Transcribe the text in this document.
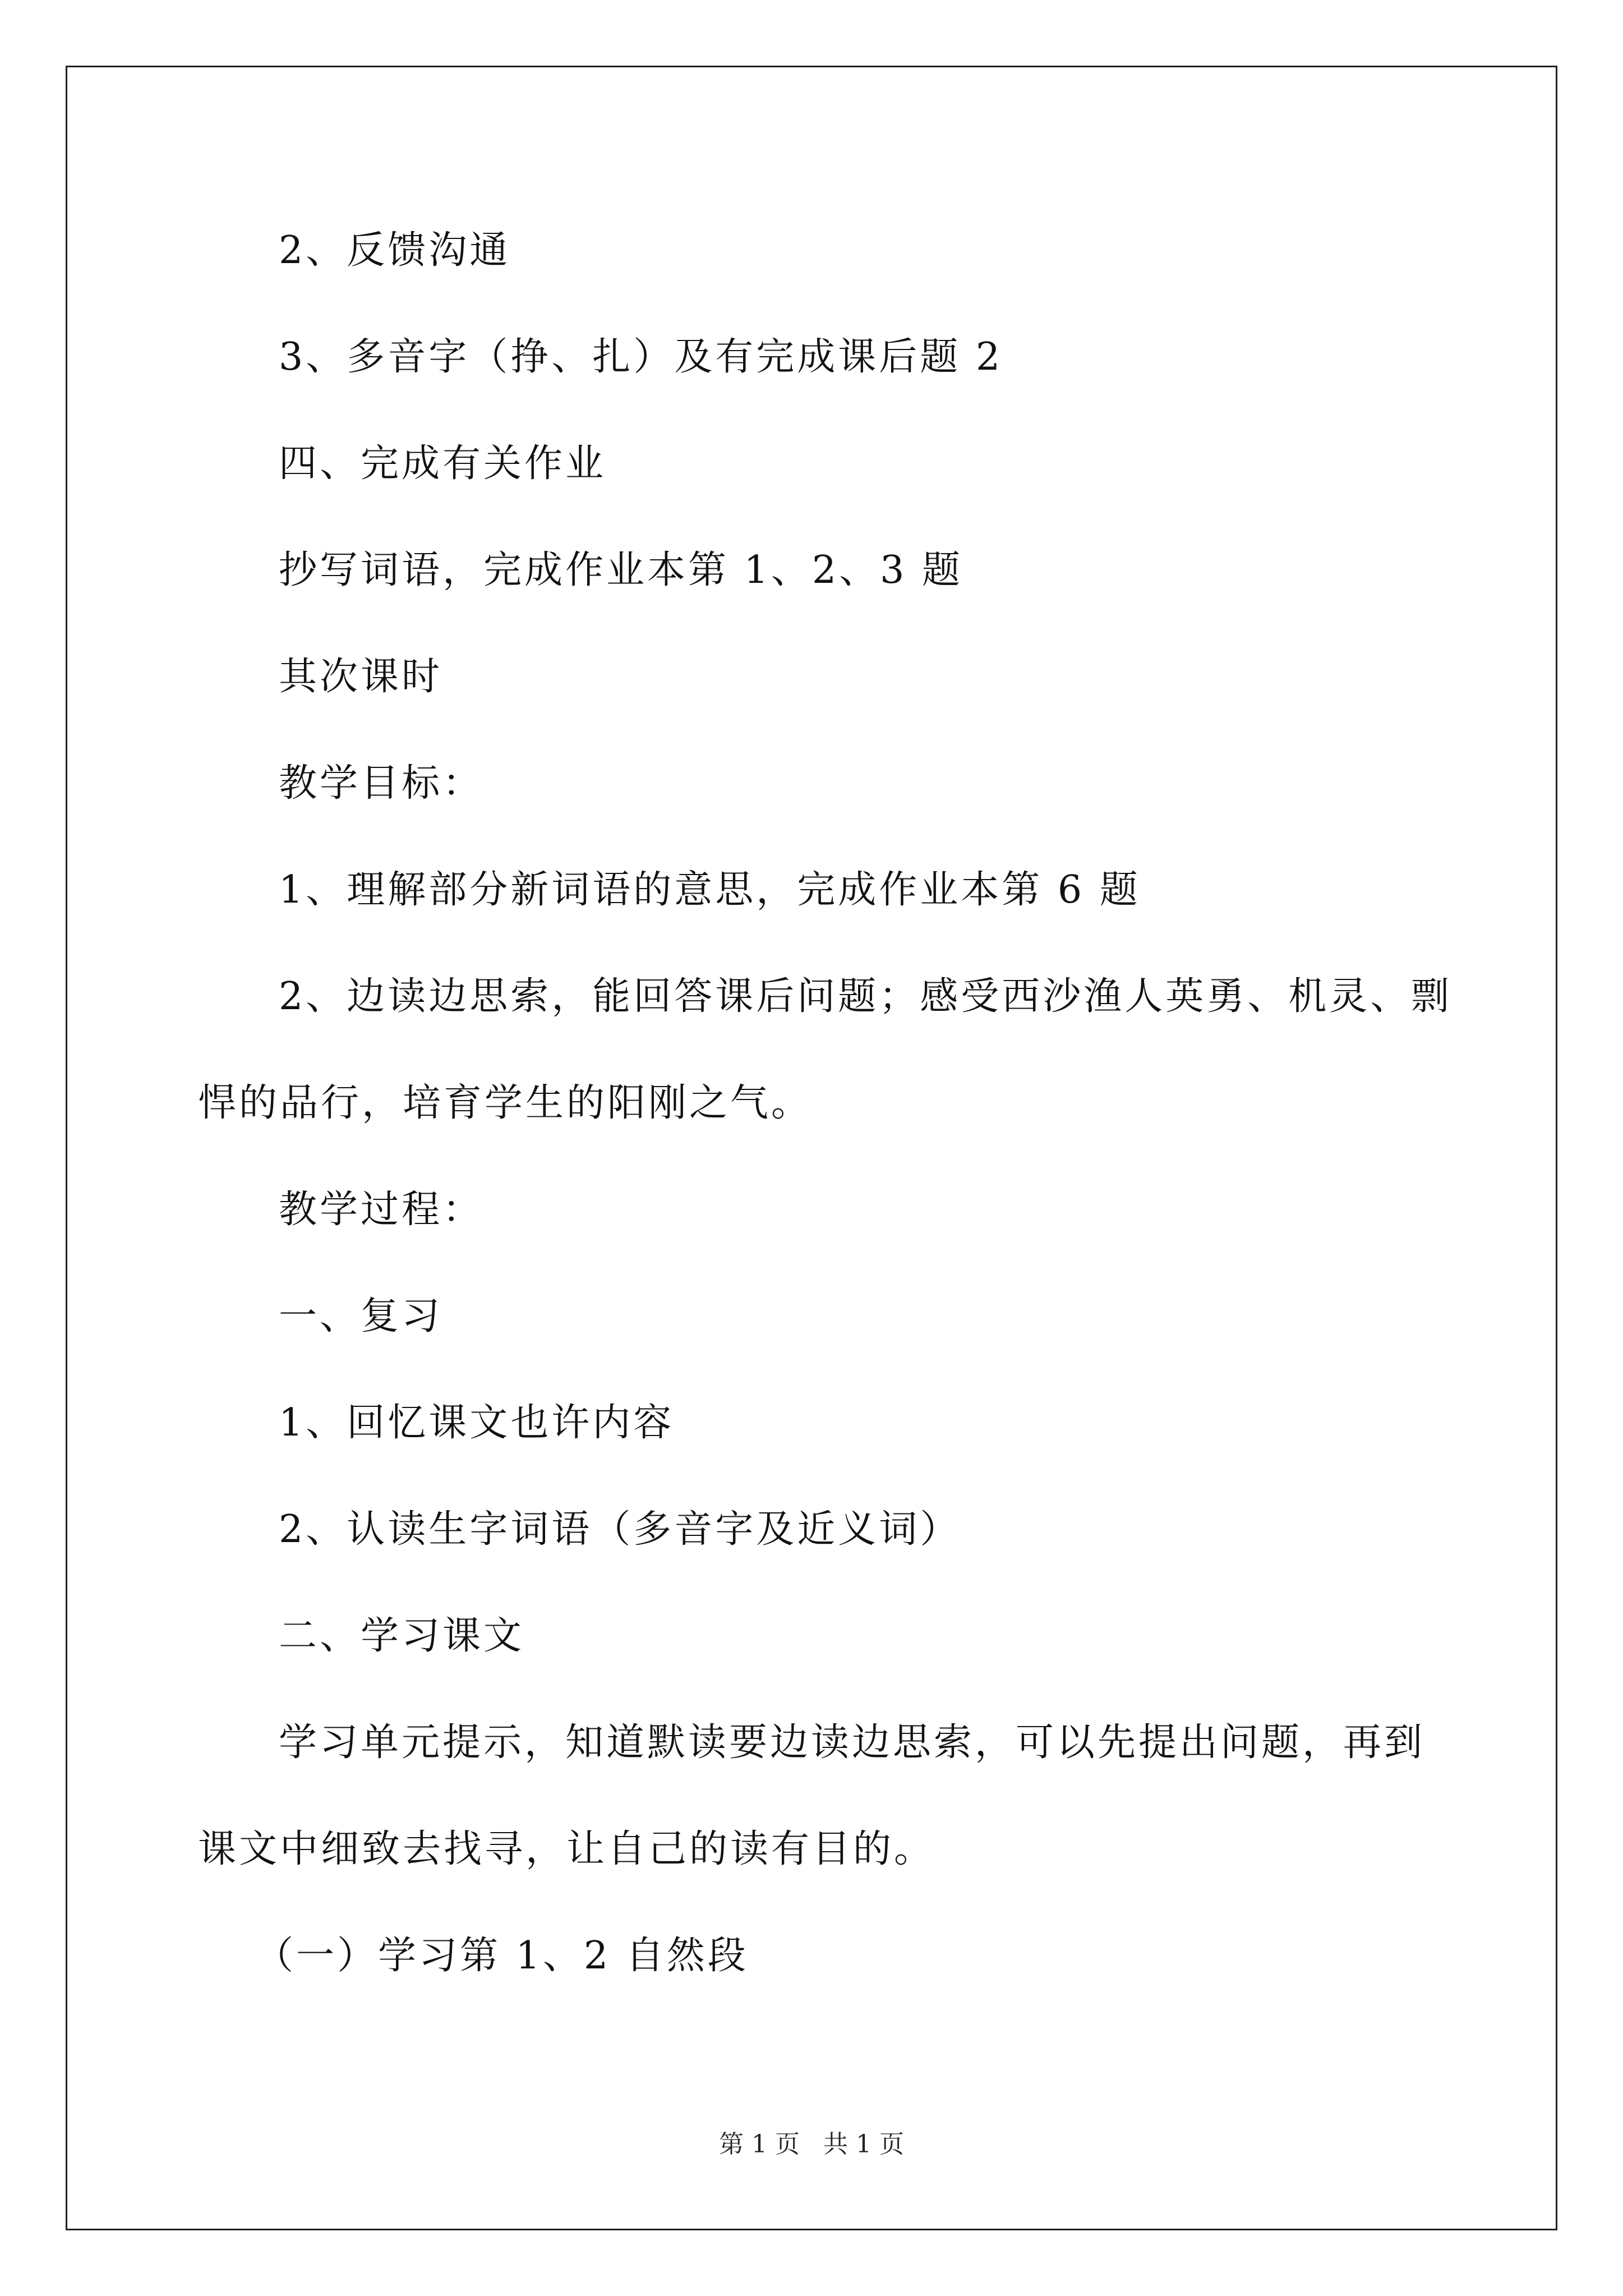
2、反馈沟通
3、多音字（挣、扎）及有完成课后题 2
四、完成有关作业
抄写词语，完成作业本第 1、2、3 题
其次课时
教学目标：
1、理解部分新词语的意思，完成作业本第 6 题
2、边读边思索，能回答课后问题；感受西沙渔人英勇、机灵、剽
悍的品行，培育学生的阳刚之气。
教学过程：
一、复习
1、回忆课文也许内容
2、认读生字词语（多音字及近义词）
二、学习课文
学习单元提示，知道默读要边读边思索，可以先提出问题，再到
课文中细致去找寻，让自己的读有目的。
（一）学习第 1、2 自然段
第 1 页   共 1 页
